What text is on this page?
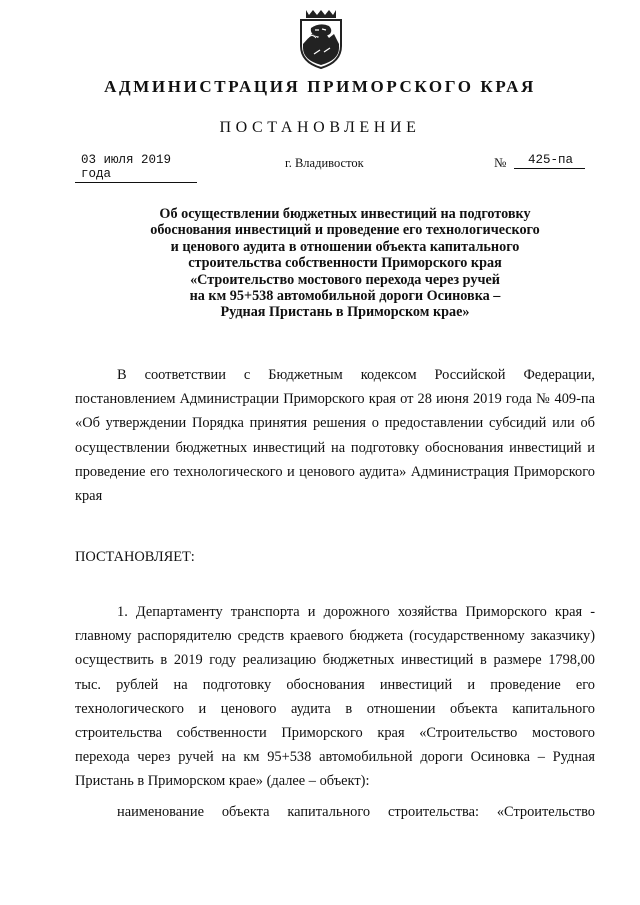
АДМИНИСТРАЦИЯ ПРИМОРСКОГО КРАЯ
ПОСТАНОВЛЕНИЕ
03 июля 2019 года
г. Владивосток	№	425-па
Об осуществлении бюджетных инвестиций на подготовку
обоснования инвестиций и проведение его технологического
и ценового аудита в отношении объекта капитального
строительства собственности Приморского края
«Строительство мостового перехода через ручей
на км 95+538 автомобильной дороги Осиновка –
Рудная Пристань в Приморском крае»
В соответствии с Бюджетным кодексом Российской Федерации, постановлением Администрации Приморского края от 28 июня 2019 года № 409-па «Об утверждении Порядка принятия решения о предоставлении субсидий или об осуществлении бюджетных инвестиций на подготовку обоснования инвестиций и проведение его технологического и ценового аудита» Администрация Приморского края
ПОСТАНОВЛЯЕТ:
1. Департаменту транспорта и дорожного хозяйства Приморского края - главному распорядителю средств краевого бюджета (государственному заказчику) осуществить в 2019 году реализацию бюджетных инвестиций в размере 1798,00 тыс. рублей на подготовку обоснования инвестиций и проведение его технологического и ценового аудита в отношении объекта капитального строительства собственности Приморского края «Строительство мостового перехода через ручей на км 95+538 автомобильной дороги Осиновка – Рудная Пристань в Приморском крае» (далее – объект):
наименование объекта капитального строительства: «Строительство
